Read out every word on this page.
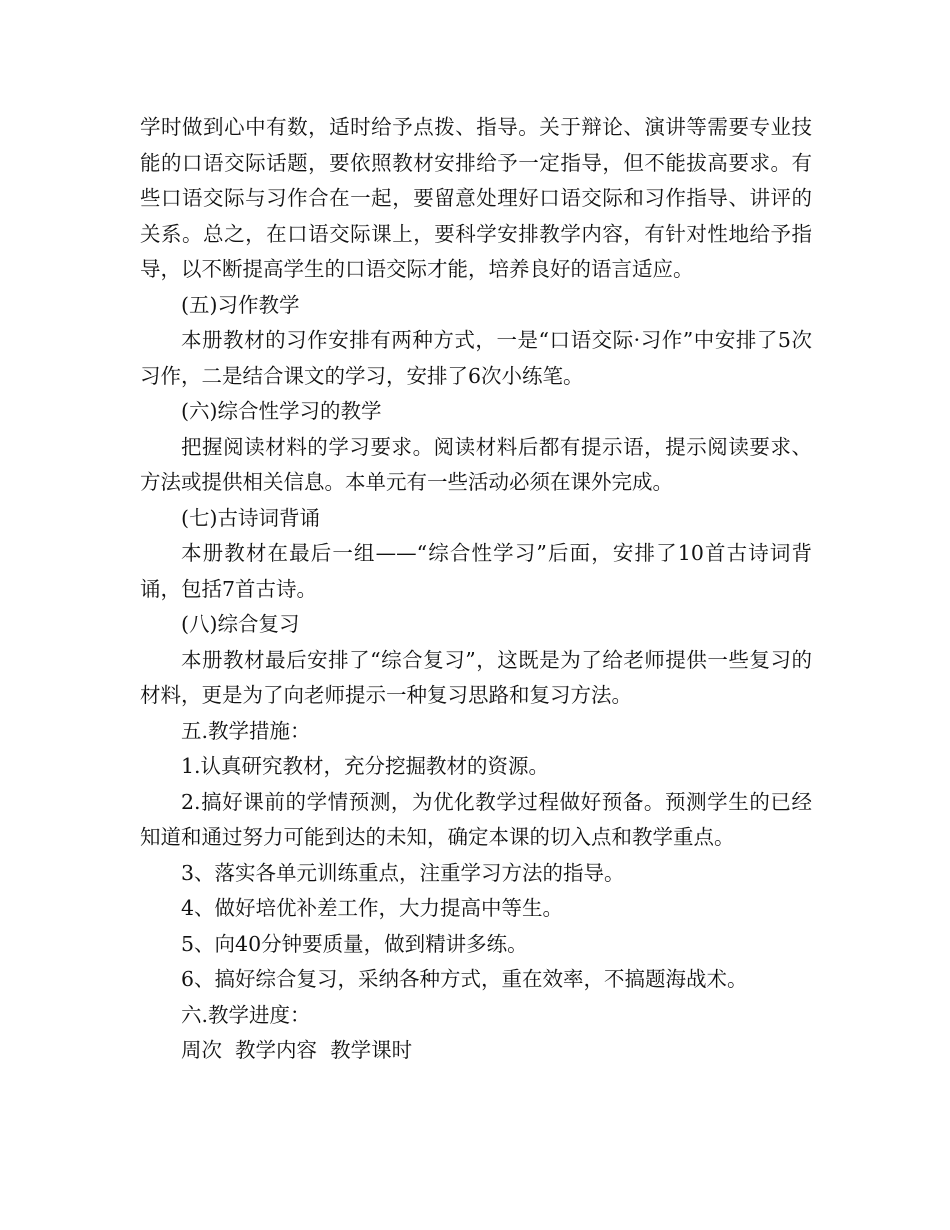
学时做到心中有数，适时给予点拨、指导。关于辩论、演讲等需要专业技能的口语交际话题，要依照教材安排给予一定指导，但不能拔高要求。有些口语交际与习作合在一起，要留意处理好口语交际和习作指导、讲评的关系。总之，在口语交际课上，要科学安排教学内容，有针对性地给予指导，以不断提高学生的口语交际才能，培养良好的语言适应。

(五)习作教学

本册教材的习作安排有两种方式，一是“口语交际·习作”中安排了5次习作，二是结合课文的学习，安排了6次小练笔。

(六)综合性学习的教学

把握阅读材料的学习要求。阅读材料后都有提示语，提示阅读要求、方法或提供相关信息。本单元有一些活动必须在课外完成。

(七)古诗词背诵

本册教材在最后一组——“综合性学习”后面，安排了10首古诗词背诵，包括7首古诗。

(八)综合复习

本册教材最后安排了“综合复习”，这既是为了给老师提供一些复习的材料，更是为了向老师提示一种复习思路和复习方法。

五.教学措施：

1.认真研究教材，充分挖掘教材的资源。

2.搞好课前的学情预测，为优化教学过程做好预备。预测学生的已经知道和通过努力可能到达的未知，确定本课的切入点和教学重点。

3、落实各单元训练重点，注重学习方法的指导。

4、做好培优补差工作，大力提高中等生。

5、向40分钟要质量，做到精讲多练。

6、搞好综合复习，采纳各种方式，重在效率，不搞题海战术。

六.教学进度：

周次  教学内容  教学课时
